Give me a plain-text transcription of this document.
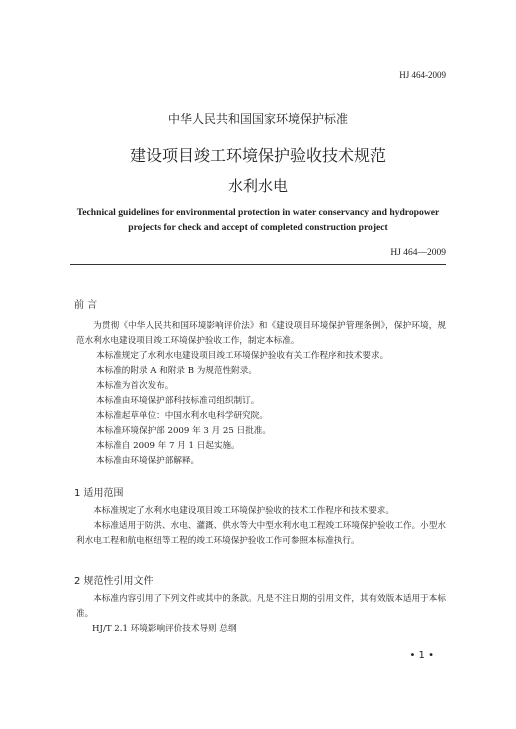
HJ 464-2009
中华人民共和国国家环境保护标准
建设项目竣工环境保护验收技术规范
水利水电
Technical guidelines for environmental protection in water conservancy and hydropower projects for check and accept of completed construction project
HJ 464—2009
前 言

为贯彻《中华人民共和国环境影响评价法》和《建设项目环境保护管理条例》，保护环境，规范水利水电建设项目竣工环境保护验收工作，制定本标准。

本标准规定了水利水电建设项目竣工环境保护验收有关工作程序和技术要求。

本标准的附录 A 和附录 B 为规范性附录。

本标准为首次发布。

本标准由环境保护部科技标准司组织制订。

本标准起草单位：中国水利水电科学研究院。

本标准环境保护部 2009 年 3 月 25 日批准。

本标准自 2009 年 7 月 1 日起实施。

本标准由环境保护部解释。

1 适用范围

本标准规定了水利水电建设项目竣工环境保护验收的技术工作程序和技术要求。

本标准适用于防洪、水电、灌溉、供水等大中型水利水电工程竣工环境保护验收工作。小型水利水电工程和航电枢纽等工程的竣工环境保护验收工作可参照本标准执行。

2 规范性引用文件

本标准内容引用了下列文件或其中的条款。凡是不注日期的引用文件，其有效版本适用于本标准。

HJ/T 2.1 环境影响评价技术导则 总纲

• 1 •
